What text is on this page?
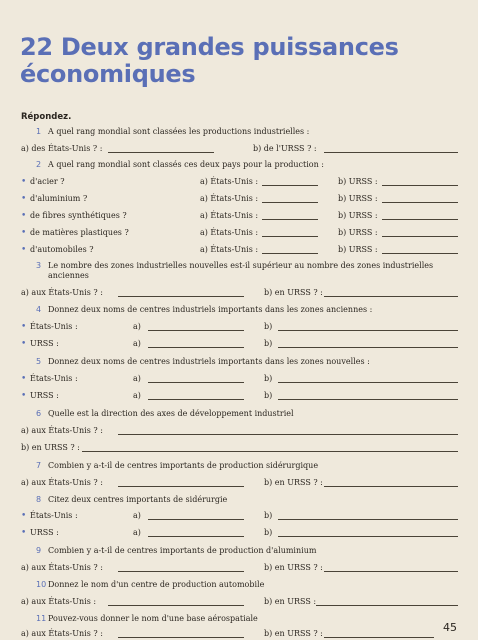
22 Deux grandes puissances
économiques
Répondez.
1 A quel rang mondial sont classées les productions industrielles :
a) des États-Unis ? :	b) de l'URSS ? :
2 A quel rang mondial sont classés ces deux pays pour la production :
• d'acier ?	a) États-Unis :	b) URSS :
• d'aluminium ?	a) États-Unis :	b) URSS :
• de fibres synthétiques ?	a) États-Unis :	b) URSS :
• de matières plastiques ?	a) États-Unis :	b) URSS :
• d'automobiles ?	a) États-Unis :	b) URSS :
3 Le nombre des zones industrielles nouvelles est-il supérieur au nombre des zones industrielles anciennes
a) aux États-Unis ? :	b) en URSS ? :
4 Donnez deux noms de centres industriels importants dans les zones anciennes :
• États-Unis :	a)	b)
• URSS :	a)	b)
5 Donnez deux noms de centres industriels importants dans les zones nouvelles :
• États-Unis :	a)	b)
• URSS :	a)	b)
6 Quelle est la direction des axes de développement industriel
a) aux États-Unis ? :
b) en URSS ? :
7 Combien y a-t-il de centres importants de production sidérurgique
a) aux États-Unis ? :	b) en URSS ? :
8 Citez deux centres importants de sidérurgie
• États-Unis :	a)	b)
• URSS :	a)	b)
9 Combien y a-t-il de centres importants de production d'aluminium
a) aux États-Unis ? :	b) en URSS ? :
10 Donnez le nom d'un centre de production automobile
a) aux États-Unis :	b) en URSS :
11 Pouvez-vous donner le nom d'une base aérospatiale
a) aux États-Unis ? :	b) en URSS ? :	45
